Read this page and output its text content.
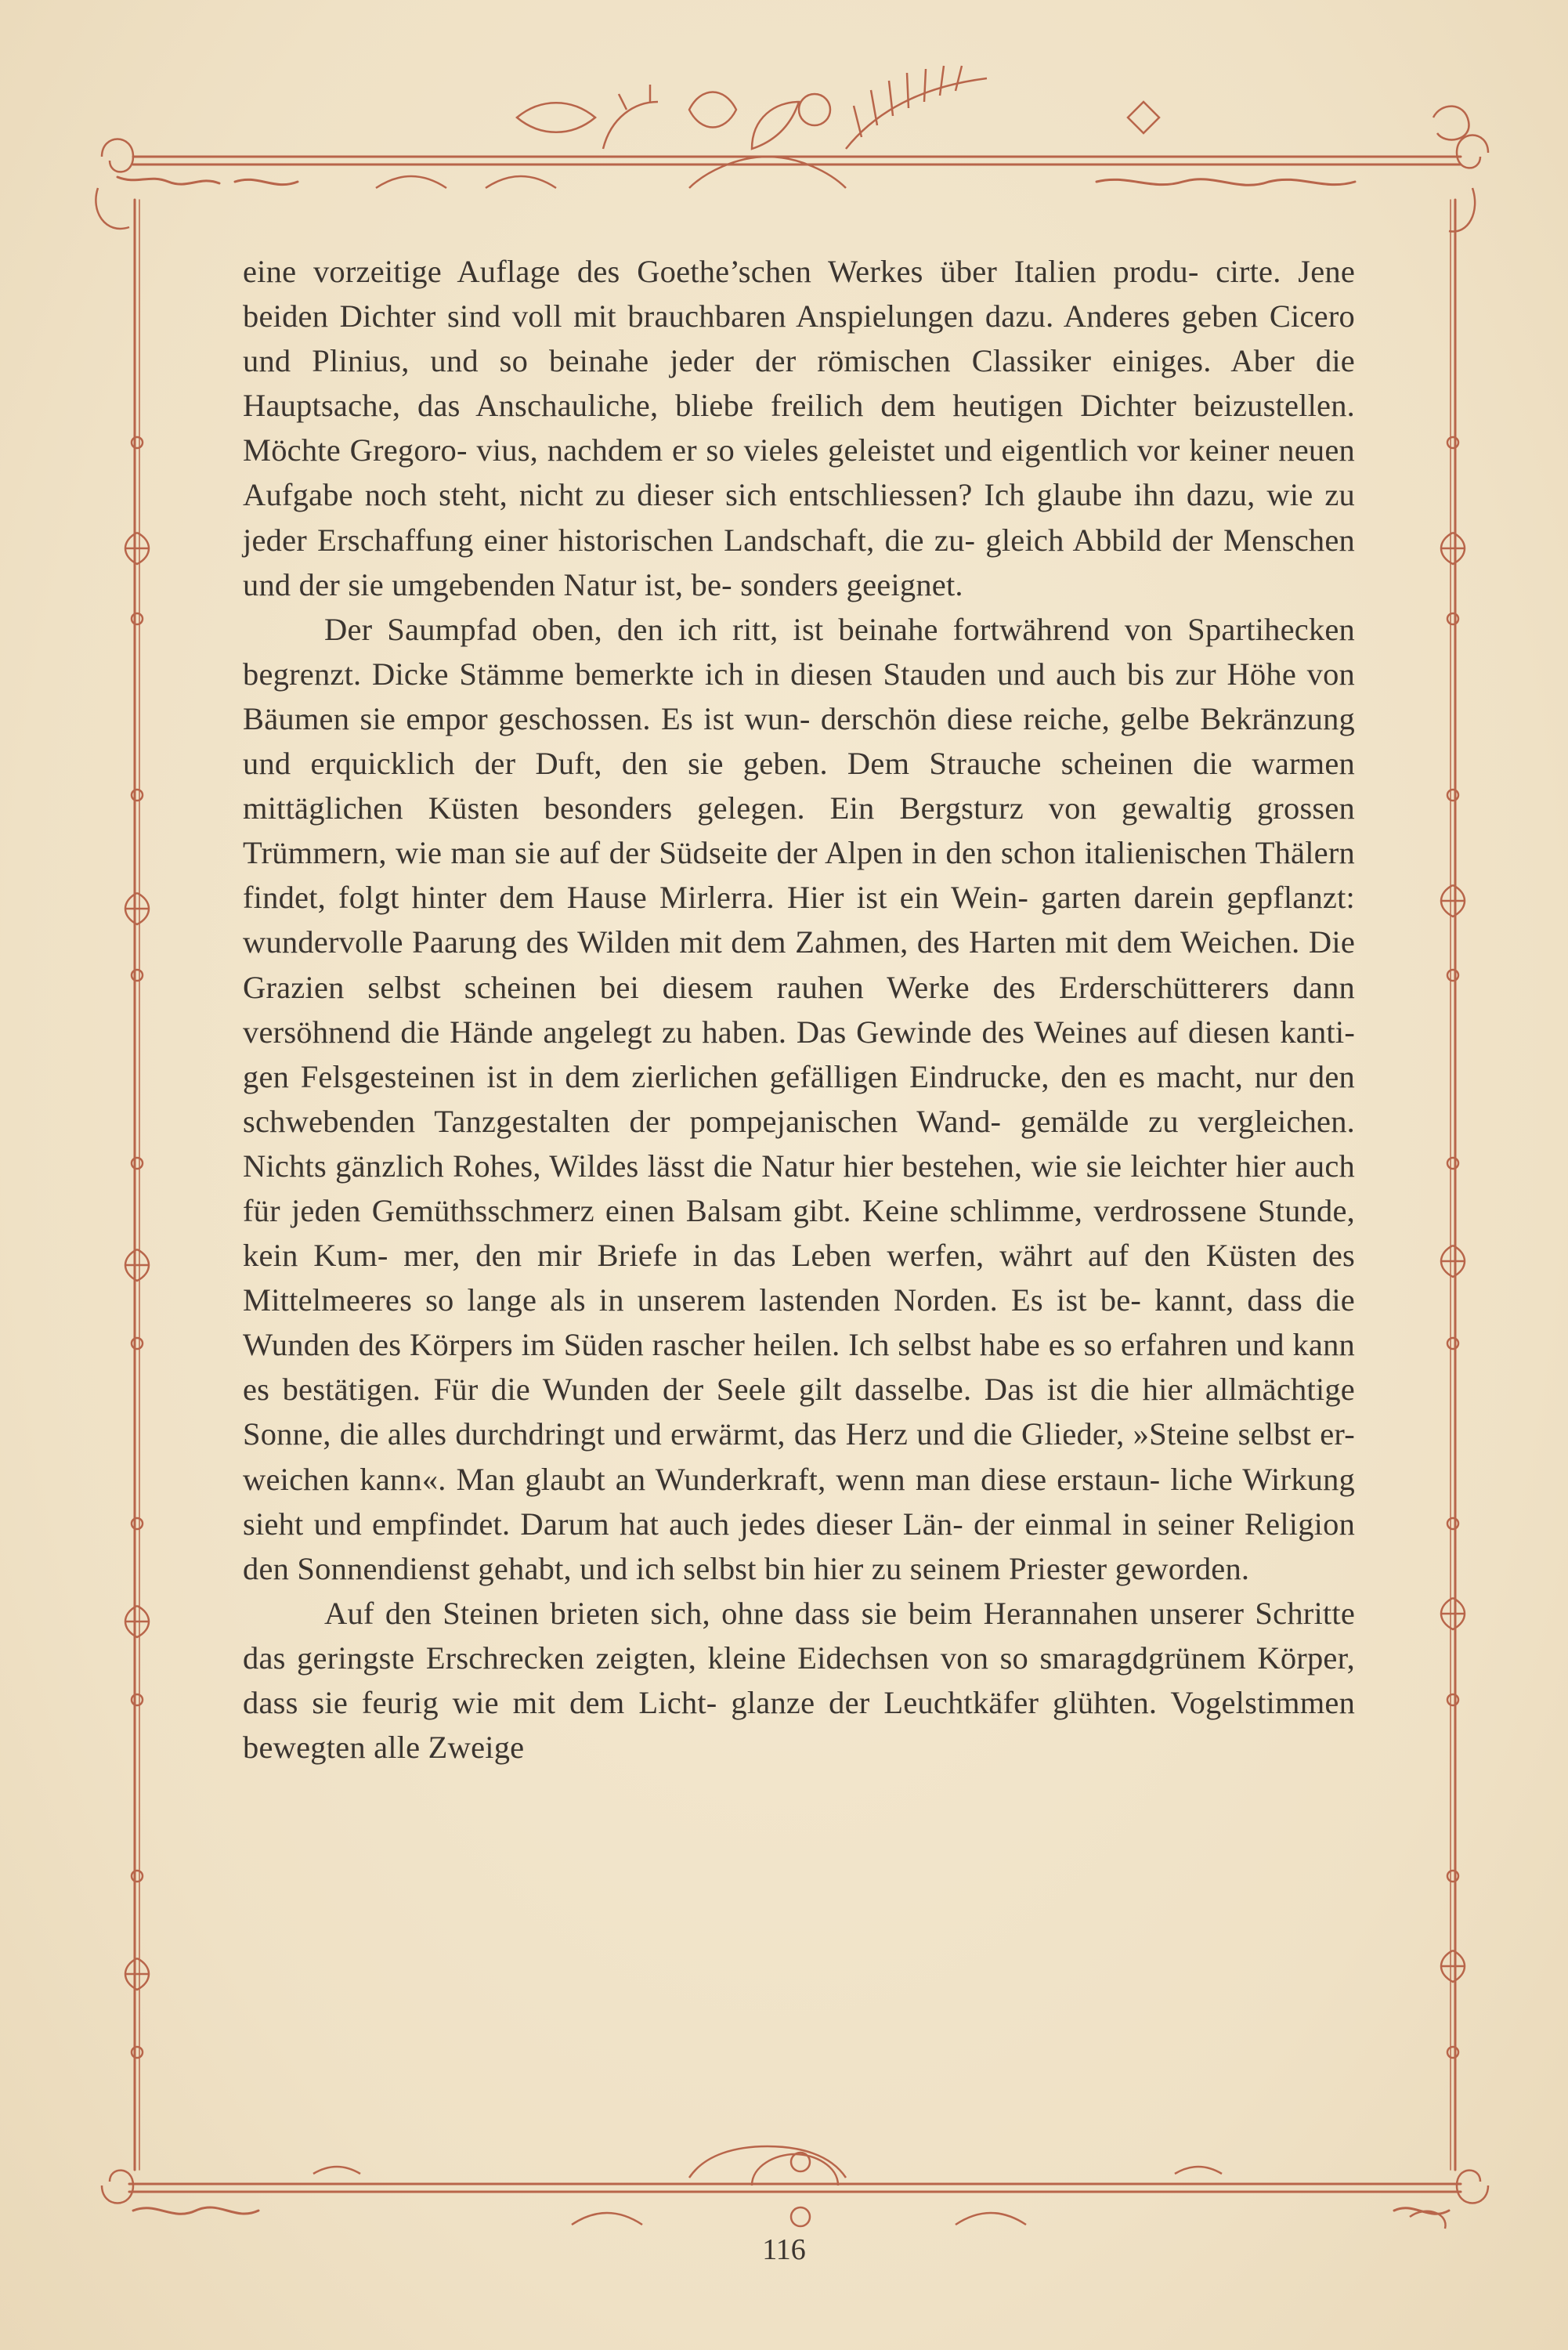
eine vorzeitige Auflage des Goethe’schen Werkes über Italien produ- cirte. Jene beiden Dichter sind voll mit brauchbaren Anspielungen dazu. Anderes geben Cicero und Plinius, und so beinahe jeder der römischen Classiker einiges. Aber die Hauptsache, das Anschauliche, bliebe freilich dem heutigen Dichter beizustellen. Möchte Gregoro- vius, nachdem er so vieles geleistet und eigentlich vor keiner neuen Aufgabe noch steht, nicht zu dieser sich entschliessen? Ich glaube ihn dazu, wie zu jeder Erschaffung einer historischen Landschaft, die zu- gleich Abbild der Menschen und der sie umgebenden Natur ist, be- sonders geeignet.

Der Saumpfad oben, den ich ritt, ist beinahe fortwährend von Spartihecken begrenzt. Dicke Stämme bemerkte ich in diesen Stauden und auch bis zur Höhe von Bäumen sie empor geschossen. Es ist wun- derschön diese reiche, gelbe Bekränzung und erquicklich der Duft, den sie geben. Dem Strauche scheinen die warmen mittäglichen Küsten besonders gelegen. Ein Bergsturz von gewaltig grossen Trümmern, wie man sie auf der Südseite der Alpen in den schon italienischen Thälern findet, folgt hinter dem Hause Mirlerra. Hier ist ein Wein- garten darein gepflanzt: wundervolle Paarung des Wilden mit dem Zahmen, des Harten mit dem Weichen. Die Grazien selbst scheinen bei diesem rauhen Werke des Erderschütterers dann versöhnend die Hände angelegt zu haben. Das Gewinde des Weines auf diesen kanti- gen Felsgesteinen ist in dem zierlichen gefälligen Eindrucke, den es macht, nur den schwebenden Tanzgestalten der pompejanischen Wand- gemälde zu vergleichen. Nichts gänzlich Rohes, Wildes lässt die Natur hier bestehen, wie sie leichter hier auch für jeden Gemüthsschmerz einen Balsam gibt. Keine schlimme, verdrossene Stunde, kein Kum- mer, den mir Briefe in das Leben werfen, währt auf den Küsten des Mittelmeeres so lange als in unserem lastenden Norden. Es ist be- kannt, dass die Wunden des Körpers im Süden rascher heilen. Ich selbst habe es so erfahren und kann es bestätigen. Für die Wunden der Seele gilt dasselbe. Das ist die hier allmächtige Sonne, die alles durchdringt und erwärmt, das Herz und die Glieder, »Steine selbst er- weichen kann«. Man glaubt an Wunderkraft, wenn man diese erstaun- liche Wirkung sieht und empfindet. Darum hat auch jedes dieser Län- der einmal in seiner Religion den Sonnendienst gehabt, und ich selbst bin hier zu seinem Priester geworden.

Auf den Steinen brieten sich, ohne dass sie beim Herannahen unserer Schritte das geringste Erschrecken zeigten, kleine Eidechsen von so smaragdgrünem Körper, dass sie feurig wie mit dem Licht- glanze der Leuchtkäfer glühten. Vogelstimmen bewegten alle Zweige

116
